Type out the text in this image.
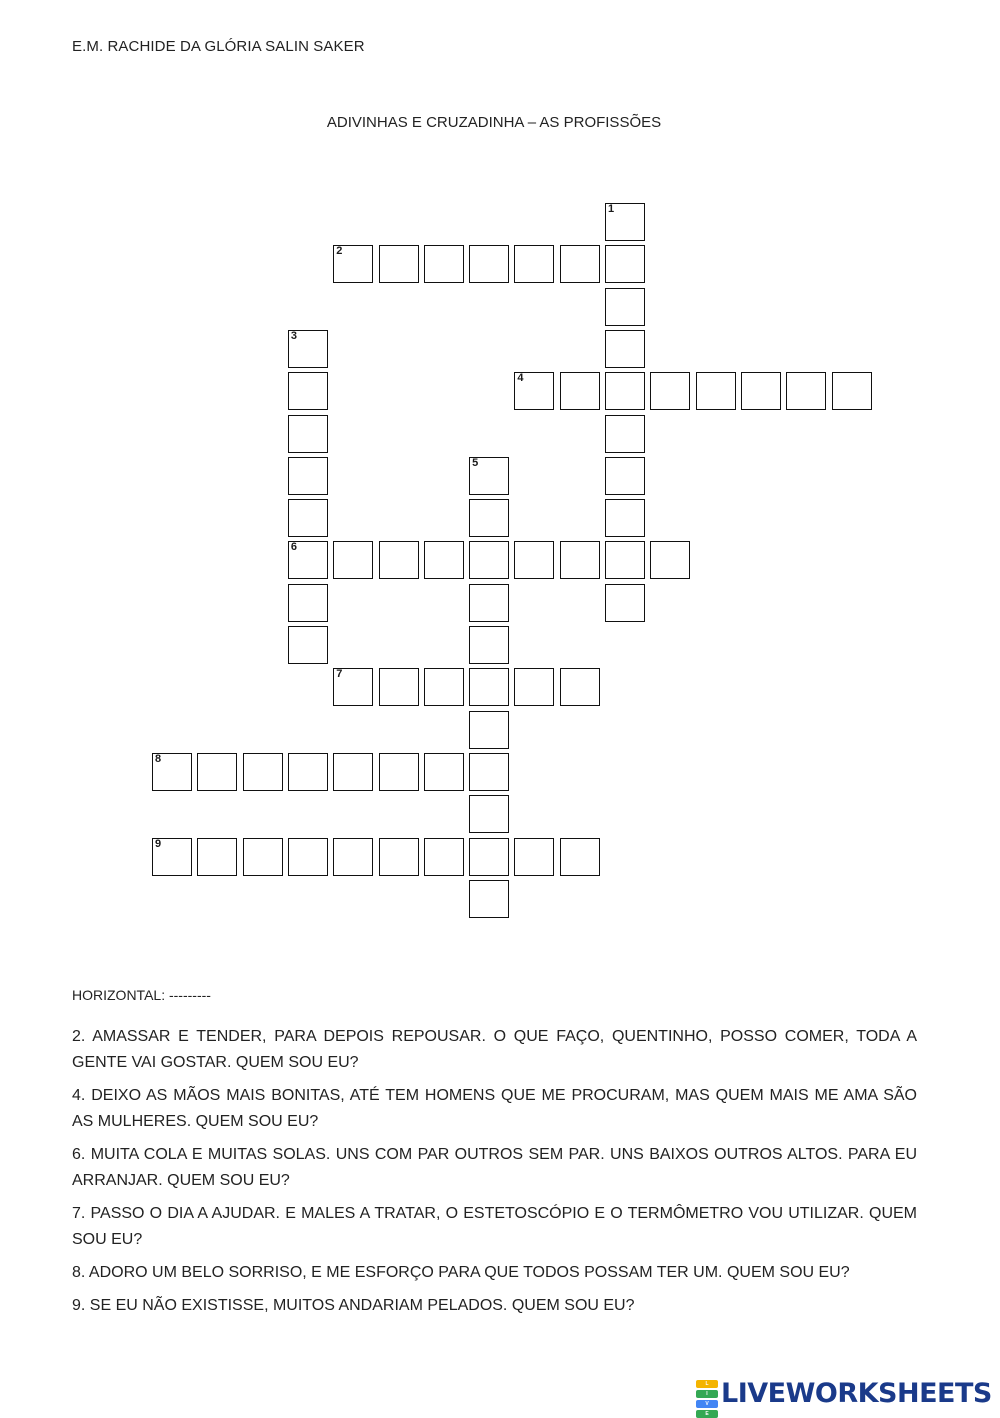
E.M. RACHIDE DA GLÓRIA SALIN SAKER
ADIVINHAS E CRUZADINHA – AS PROFISSÕES
1
2
3
6
4
5
7
8
9
HORIZONTAL: ---------

2. AMASSAR E TENDER, PARA DEPOIS REPOUSAR. O QUE FAÇO, QUENTINHO, POSSO COMER, TODA A GENTE VAI GOSTAR. QUEM SOU EU?

4. DEIXO AS MÃOS MAIS BONITAS, ATÉ TEM HOMENS QUE ME PROCURAM, MAS QUEM MAIS ME AMA SÃO AS MULHERES. QUEM SOU EU?

6. MUITA COLA E MUITAS SOLAS. UNS COM PAR OUTROS SEM PAR. UNS BAIXOS OUTROS ALTOS. PARA EU ARRANJAR. QUEM SOU EU?

7. PASSO O DIA A AJUDAR. E MALES A TRATAR, O ESTETOSCÓPIO E O TERMÔMETRO VOU UTILIZAR. QUEM SOU EU?

8. ADORO UM BELO SORRISO, E ME ESFORÇO PARA QUE TODOS POSSAM TER UM. QUEM SOU EU?

9. SE EU NÃO EXISTISSE, MUITOS ANDARIAM PELADOS. QUEM SOU EU?

L
I
V
E
LIVEWORKSHEETS
